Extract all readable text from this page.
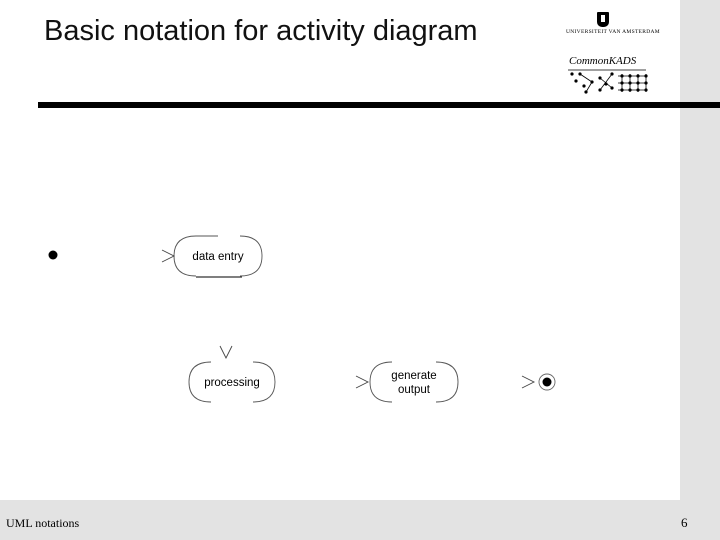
Basic notation for activity diagram	UNIVERSITEIT VAN AMSTERDAM
CommonKADS
data entry
processing
generate
output
UML notations	6
